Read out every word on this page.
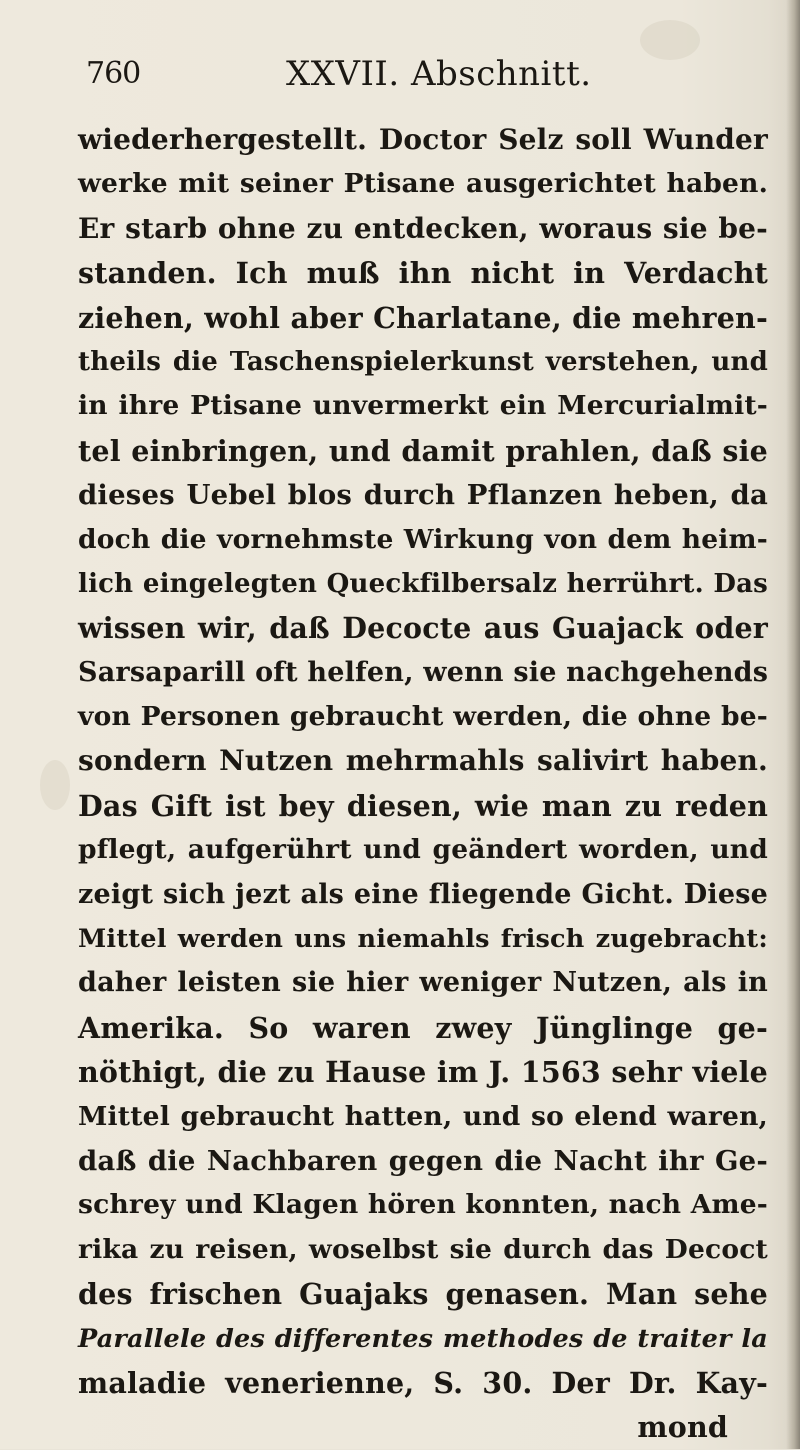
760	XXVII. Abschnitt.
wiederhergestellt. Doctor Selz soll Wunder
werke mit seiner Ptisane ausgerichtet haben.
Er starb ohne zu entdecken, woraus sie be-
standen. Ich muß ihn nicht in Verdacht
ziehen, wohl aber Charlatane, die mehren-
theils die Taschenspielerkunst verstehen, und
in ihre Ptisane unvermerkt ein Mercurialmit-
tel einbringen, und damit prahlen, daß sie
dieses Uebel blos durch Pflanzen heben, da
doch die vornehmste Wirkung von dem heim-
lich eingelegten Queckfilbersalz herrührt. Das
wissen wir, daß Decocte aus Guajack oder
Sarsaparill oft helfen, wenn sie nachgehends
von Personen gebraucht werden, die ohne be-
sondern Nutzen mehrmahls salivirt haben.
Das Gift ist bey diesen, wie man zu reden
pflegt, aufgerührt und geändert worden, und
zeigt sich jezt als eine fliegende Gicht. Diese
Mittel werden uns niemahls frisch zugebracht:
daher leisten sie hier weniger Nutzen, als in
Amerika. So waren zwey Jünglinge ge-
nöthigt, die zu Hause im J. 1563 sehr viele
Mittel gebraucht hatten, und so elend waren,
daß die Nachbaren gegen die Nacht ihr Ge-
schrey und Klagen hören konnten, nach Ame-
rika zu reisen, woselbst sie durch das Decoct
des frischen Guajaks genasen. Man sehe
Parallele des differentes methodes de traiter la
maladie venerienne, S. 30. Der Dr. Kay-
mond
